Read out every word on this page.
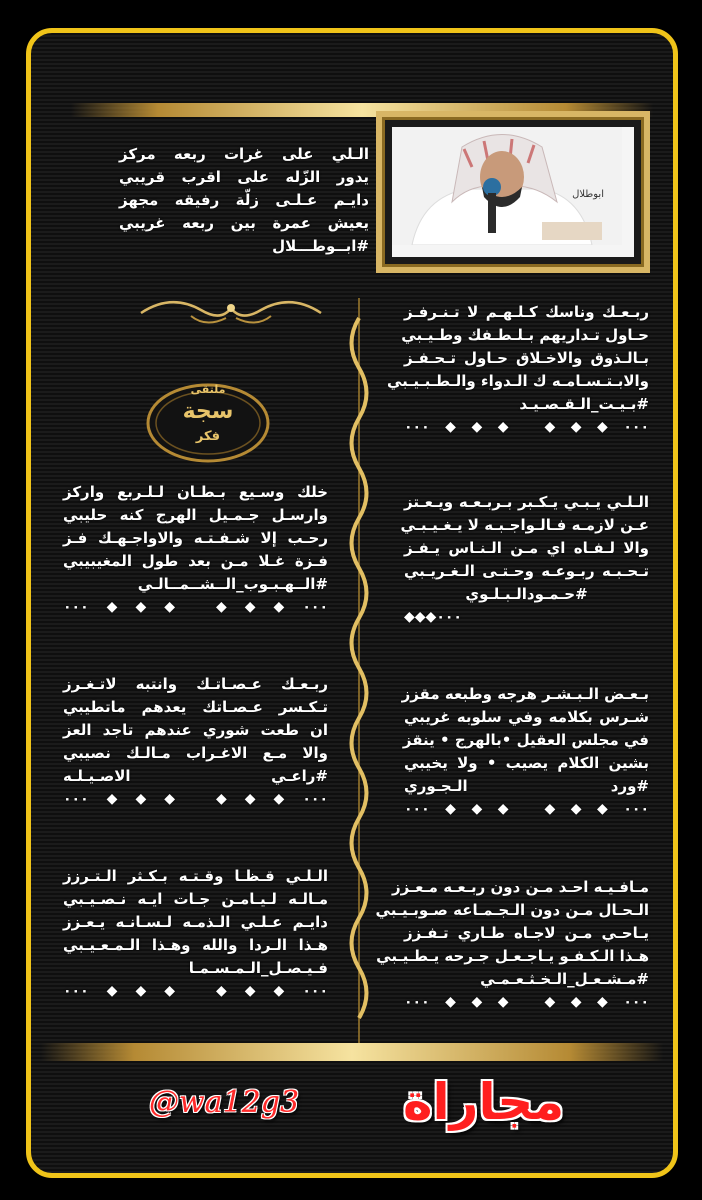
ابوطلال
الـلي على غرات ربعه مركز
يدور الزّله على اقرب قريبي
دايـم عـلـى زلّة رفيقه مجهز
يعيش عمرة بين ربعه غريبي
#ابــوطـــلال
ملتقى
سجة
فكر
ربـعـك وناسك كـلـهـم لا تـنـرفـز
حـاول تـداريهم بـلـطـفك وطـيـبي
بـالـذوق والاخـلاق حـاول تـحـفـز
والابـتـسـامـه ك الـدواء والـطـبـيـبي
#بـيـت_الـقـصـيـد
٠٠٠◆◆◆ ◆◆◆٠٠٠
خلك وسـيع بـطـان لـلـربع واركز
وارسـل جـمـيل الهرج كنه حليبي
رحـب إلا شـفـتـه والاواجـهـك فـز
فـزة غـلا مـن بعد طول المغيبيبي
#الــهـبـوب_الــشــمــالـي
٠٠٠◆◆◆ ◆◆◆٠٠٠
الـلـي يـبـي يـكـبر بـربـعـه ويـعـتز
عـن لازمـه فـالـواجـبـه لا يـغـيـبـي
والا لـفـاه اي مـن الـنـاس يـفـز
تـحـبـه ربـوعـه وحـتـى الـغـريـبي
#حـمـودالـبـلـوي
٠٠٠◆◆◆
ربـعـك عـصـاتـك وانتبه لاتـغـرز
تـكـسر عـصـاتك يعدهم ماتطيبي
ان طعت شوري عندهم تاجد العز
والا مـع الاغـراب مـالـك نصيبي
#راعـي الاصـيـلـه
٠٠٠◆◆◆ ◆◆◆٠٠٠
بـعـض الـبـشـر هرجه وطبعه مقزز
شـرس بكلامه وفي سلوبه غريبي
في مجلس العقيل •بالهرج • ينقز
بشين الكلام يصيب • ولا يخيبي
#ورد الـجـوري
٠٠٠◆◆◆ ◆◆◆٠٠٠
الـلـي قـظـا وقـتـه بـكـثر الـتـرزز
مـالـه لـيـامـن جـات ايـه نـصـيـبي
دايـم عـلـي الـذمـه لـسـانـه يـعـزز
هـذا الـردا والله وهـذا الـمـعـيـبي
فـيـصـل_الـمـسـمـا
٠٠٠◆◆◆ ◆◆◆٠٠٠
مـافـيـه احـد مـن دون ربـعـه مـعـزز
الـحـال مـن دون الـجـمـاعه صـوبـيـبي
يـاحـي مـن لاجـاه طـاري تـفـزز
هـذا الـكـفـو يـاجـعـل جـرحه يـطـيـبي
#مـشـعـل_الـخـثـعـمـي
٠٠٠◆◆◆ ◆◆◆٠٠٠
@wa12g3 مجاراة
